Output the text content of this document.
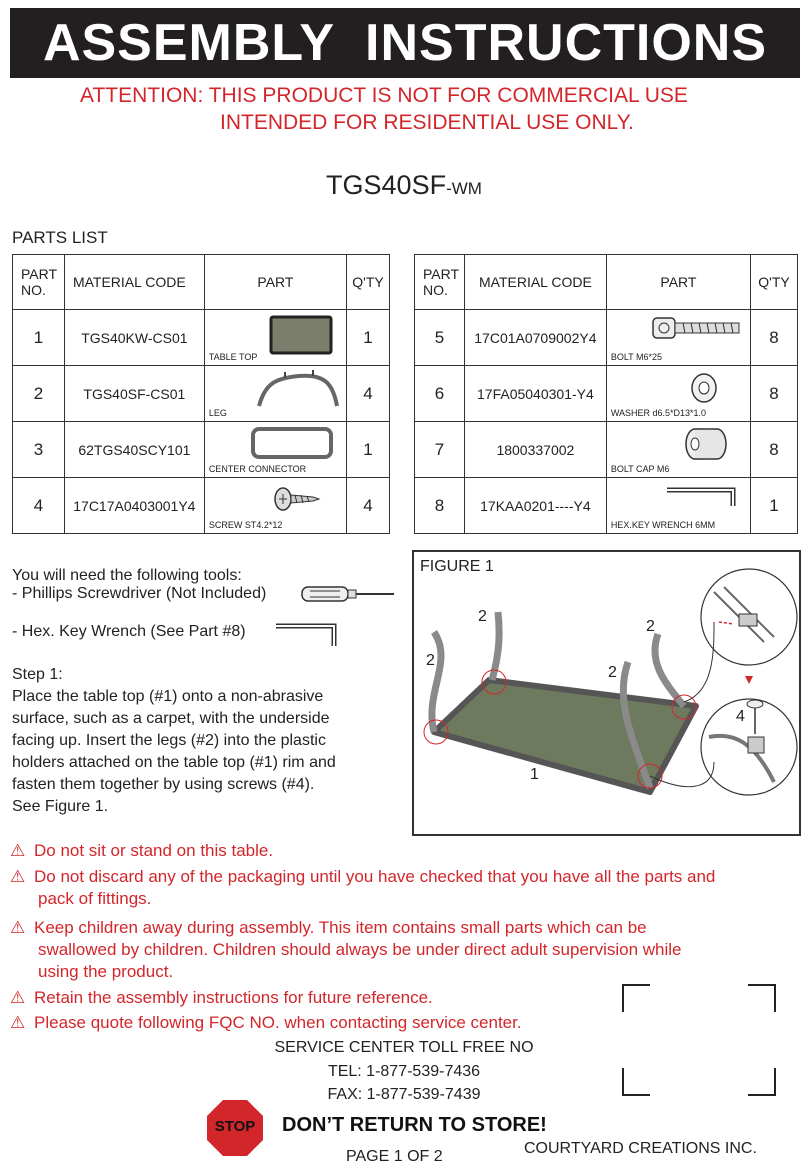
ASSEMBLY  INSTRUCTIONS
ATTENTION: THIS PRODUCT IS NOT FOR COMMERCIAL USE
INTENDED FOR RESIDENTIAL USE ONLY.
TGS40SF-WM
PARTS LIST
PART NO.	MATERIAL CODE	PART	Q'TY
1	TGS40KW-CS01	TABLE TOP	1
2	TGS40SF-CS01	LEG	4
3	62TGS40SCY101	CENTER CONNECTOR	1
4	17C17A0403001Y4	SCREW ST4.2*12	4
PART NO.	MATERIAL CODE	PART	Q'TY
5	17C01A0709002Y4	BOLT M6*25	8
6	17FA05040301-Y4	WASHER d6.5*D13*1.0	8
7	1800337002	BOLT CAP M6	8
8	17KAA0201----Y4	HEX.KEY WRENCH 6MM	1
You will need the following tools:
- Phillips Screwdriver (Not Included)
- Hex. Key Wrench (See Part #8)
Step 1:
Place the table top (#1) onto a non-abrasive
surface, such as a carpet, with the underside
facing up. Insert the legs (#2) into the plastic
holders attached on the table top (#1) rim and
fasten them together by using screws (#4).
See Figure 1.
FIGURE 1
2
2
2
2
1
4
⚠ Do not sit or stand on this table.
⚠ Do not discard any of the packaging until you have checked that you have all the parts and
pack of fittings.
⚠ Keep children away during assembly. This item contains small parts which can be
swallowed by children. Children should always be under direct adult supervision while
using the product.
⚠ Retain the assembly instructions for future reference.
⚠ Please quote following FQC NO. when contacting service center.
SERVICE CENTER TOLL FREE NO
TEL: 1-877-539-7436
FAX: 1-877-539-7439
STOP	DON’T RETURN TO STORE!
PAGE 1 OF 2	COURTYARD CREATIONS INC.
